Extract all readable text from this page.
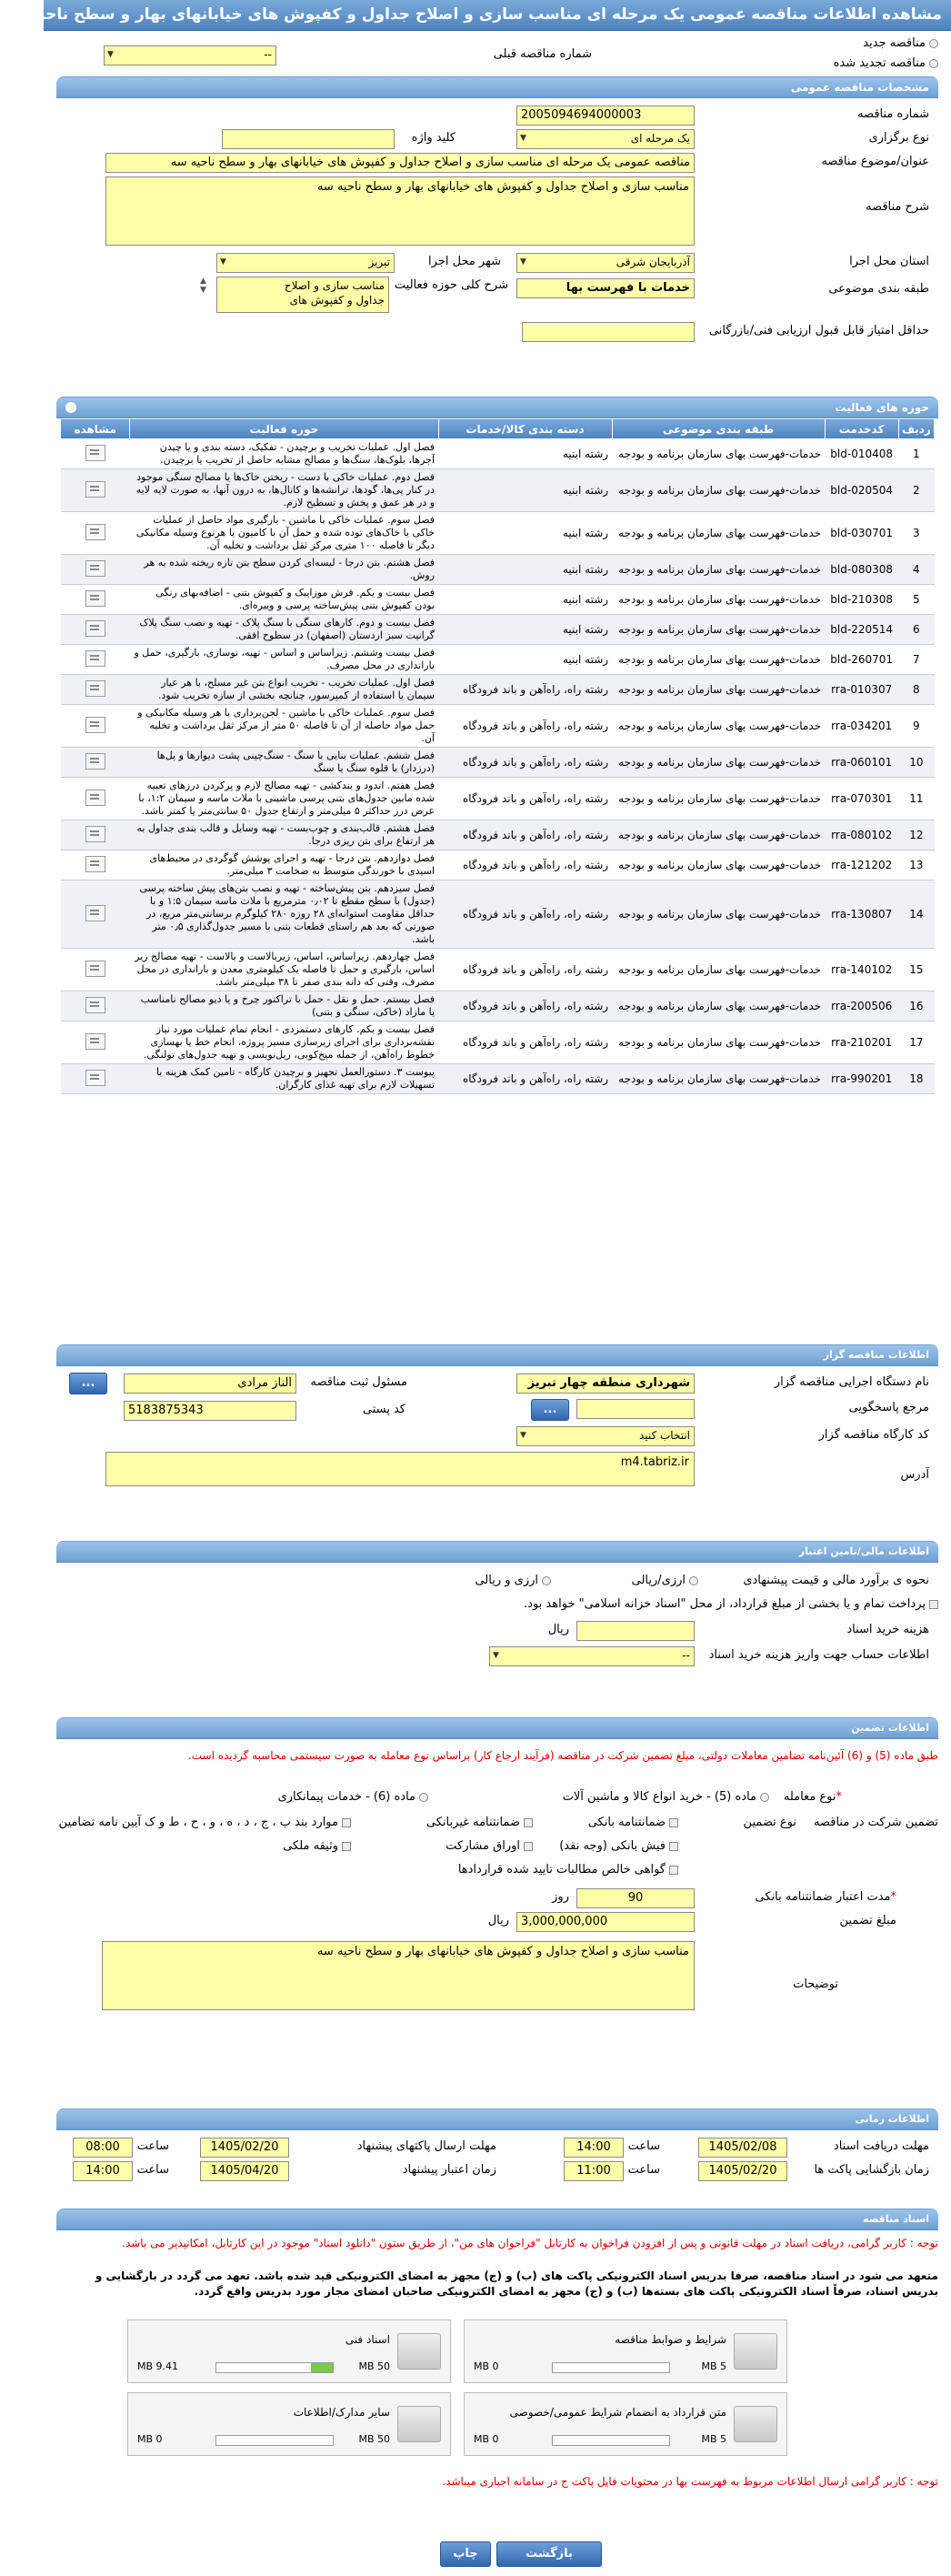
مشاهده اطلاعات مناقصه عمومی یک مرحله ای مناسب سازی و اصلاح جداول و کفپوش های خیابانهای بهار و سطح ناحیه سه
مناقصه جدید
مناقصه تجدید شده
شماره مناقصه قبلی
-- ▼
مشخصات مناقصه عمومی
شماره مناقصه
2005094694000003
نوع برگزاری
یک مرحله ای ▼
کلید واژه
عنوان/موضوع مناقصه
مناقصه عمومی یک مرحله ای مناسب سازی و اصلاح جداول و کفپوش های خیابانهای بهار و سطح ناحیه سه
شرح مناقصه
مناسب سازی و اصلاح جداول و کفپوش های خیابانهای بهار و سطح ناحیه سه
استان محل اجرا
آذربایجان شرقی ▼
شهر محل اجرا
تبریز ▼
طبقه بندی موضوعی
خدمات با فهرست بها
شرح کلی حوزه فعالیت
مناسب سازی و اصلاح
جداول و کفپوش های
▲
▼
حداقل امتیاز قابل قبول ارزیابی فنی/بازرگانی
حوزه های فعالیت
ردیف	کدخدمت	طبقه بندی موضوعی	دسته بندی کالا/خدمات	حوزه فعالیت	مشاهده
1	bld-010408	خدمات-فهرست بهای سازمان برنامه و بودجه	رشته ابنیه	فصل اول. عملیات تخریب و برچیدن - تفکیک، دسته بندی و یا چیدن آجرها، بلوک‌ها، سنگ‌ها و مصالح مشابه حاصل از تخریب یا برچیدن.	
2	bld-020504	خدمات-فهرست بهای سازمان برنامه و بودجه	رشته ابنیه	فصل دوم. عملیات خاکی با دست - ریختن خاک‌ها یا مصالح سنگی موجود در کنار پی‌ها، گودها، ترانشه‌ها و کانال‌ها، به درون آنها، به صورت لایه لایه و در هر عمق و پخش و تسطیح لازم.	
3	bld-030701	خدمات-فهرست بهای سازمان برنامه و بودجه	رشته ابنیه	فصل سوم. عملیات خاکی با ماشین - بارگیری مواد حاصل از عملیات خاکی یا خاک‌های توده شده و حمل آن با کامیون یا هرنوع وسیله مکانیکی دیگر تا فاصله ۱۰۰ متری مرکز ثقل برداشت و تخلیه آن.	
4	bld-080308	خدمات-فهرست بهای سازمان برنامه و بودجه	رشته ابنیه	فصل هشتم. بتن درجا - لیسه‌ای کردن سطح بتن تازه ریخته شده به هر روش.	
5	bld-210308	خدمات-فهرست بهای سازمان برنامه و بودجه	رشته ابنیه	فصل بیست و یکم. فرش موزاییک و کفپوش بتنی - اضافه‌بهای رنگی بودن کفپوش بتنی پیش‌ساخته پرسی و ویبره‌ای.	
6	bld-220514	خدمات-فهرست بهای سازمان برنامه و بودجه	رشته ابنیه	فصل بیست و دوم. کارهای سنگی با سنگ پلاک - تهیه و نصب سنگ پلاک گرانیت سبز اردستان (اصفهان) در سطوح افقی.	
7	bld-260701	خدمات-فهرست بهای سازمان برنامه و بودجه	رشته ابنیه	فصل بیست وششم. زیراساس و اساس - تهیه، نوسازی، بارگیری، حمل و بارانداری در محل مصرف.	
8	rra-010307	خدمات-فهرست بهای سازمان برنامه و بودجه	رشته راه، راه‌آهن و باند فرودگاه	فصل اول. عملیات تخریب - تخریب انواع بتن غیر مسلح، با هر عیار سیمان با استفاده از کمپرسور، چنانچه بخشی از سازه تخریب شود.	
9	rra-034201	خدمات-فهرست بهای سازمان برنامه و بودجه	رشته راه، راه‌آهن و باند فرودگاه	فصل سوم. عملیات خاکی با ماشین - لجن‌برداری با هر وسیله مکانیکی و حمل مواد حاصله از آن تا فاصله ۵۰ متر از مرکز ثقل برداشت و تخلیه آن.	
10	rra-060101	خدمات-فهرست بهای سازمان برنامه و بودجه	رشته راه، راه‌آهن و باند فرودگاه	فصل ششم. عملیات بنایی با سنگ - سنگ‌چینی پشت دیوارها و پل‌ها (درزدار) با قلوه سنگ یا سنگ	
11	rra-070301	خدمات-فهرست بهای سازمان برنامه و بودجه	رشته راه، راه‌آهن و باند فرودگاه	فصل هفتم. اندود و بندکشی - تهیه مصالح لازم و پرکردن درزهای تعبیه شده مابین جدول‌های بتنی پرسی ماشینی با ملات ماسه و سیمان ۱:۲، با عرض درز حداکثر ۵ میلی‌متر و ارتفاع جدول ۵۰ سانتی‌متر یا کمتر باشد.	
12	rra-080102	خدمات-فهرست بهای سازمان برنامه و بودجه	رشته راه، راه‌آهن و باند فرودگاه	فصل هشتم. قالب‌بندی و چوب‌بست - تهیه وسایل و قالب بندی جداول به هر ارتفاع برای بتن ریزی درجا.	
13	rra-121202	خدمات-فهرست بهای سازمان برنامه و بودجه	رشته راه، راه‌آهن و باند فرودگاه	فصل دوازدهم. بتن درجا - تهیه و اجرای پوشش گوگردی در محیط‌های اسیدی با خورندگی متوسط به ضخامت ۳ میلی‌متر.	
14	rra-130807	خدمات-فهرست بهای سازمان برنامه و بودجه	رشته راه، راه‌آهن و باند فرودگاه	فصل سیزدهم. بتن پیش‌ساخته - تهیه و نصب بتن‌های پیش ساخته پرسی (جدول) با سطح مقطع تا ۰٫۰۲ مترمربع با ملات ماسه سیمان ۱:۵ و با حداقل مقاومت استوانه‌ای ۲۸ روزه ۲۸۰ کیلوگرم برسانتی‌متر مربع، در صورتی که بعد هم راستای قطعات بتنی با مسیر جدول‌گذاری ۰٫۵ متر باشد.	
15	rra-140102	خدمات-فهرست بهای سازمان برنامه و بودجه	رشته راه، راه‌آهن و باند فرودگاه	فصل چهاردهم. زیراساس، اساس، زیربالاست و بالاست - تهیه مصالح زیر اساس، بارگیری و حمل تا فاصله یک کیلومتری معدن و بارانداری در محل مصرف، وقتی که دانه بندی صفر تا ۳۸ میلی‌متر باشد.	
16	rra-200506	خدمات-فهرست بهای سازمان برنامه و بودجه	رشته راه، راه‌آهن و باند فرودگاه	فصل بیستم. حمل و نقل - حمل با تراکتور چرخ و یا دیو مصالح نامناسب یا مازاد (خاکی، سنگی و بتنی)	
17	rra-210201	خدمات-فهرست بهای سازمان برنامه و بودجه	رشته راه، راه‌آهن و باند فرودگاه	فصل بیست و یکم. کارهای دستمزدی - انجام تمام عملیات مورد نیاز نقشه‌برداری برای اجرای زیرسازی مسیر پروژه، انجام خط یا بهسازی خطوط راه‌آهن، از جمله میخ‌کوبی، ریل‌نویسی و تهیه جدول‌های تولنگی.	
18	rra-990201	خدمات-فهرست بهای سازمان برنامه و بودجه	رشته راه، راه‌آهن و باند فرودگاه	پیوست ۳. دستورالعمل تجهیز و برچیدن کارگاه - تامین کمک هزینه با تسهیلات لازم برای تهیه غذای کارگران.	
اطلاعات مناقصه گزار
نام دستگاه اجرایی مناقصه گزار
شهرداری منطقه چهار تبریز
مسئول ثبت مناقصه
الناز مرادی
...
مرجع پاسخگویی
...
کد پستی
5183875343
کد کارگاه مناقصه گزار
انتخاب کنید ▼
آدرس
m4.tabriz.ir
اطلاعات مالی/تامین اعتبار
نحوه ی برآورد مالی و قیمت پیشنهادی
ارزی/ریالی
ارزی و ریالی
پرداخت تمام و یا بخشی از مبلغ قرارداد، از محل "اسناد خزانه اسلامی" خواهد بود.
هزینه خرید اسناد
ریال
اطلاعات حساب جهت واریز هزینه خرید اسناد
-- ▼
اطلاعات تضمین
طبق ماده (5) و (6) آئین‌نامه تضامین معاملات دولتی، مبلغ تضمین شرکت در مناقصه (فرآیند ارجاع کار) براساس نوع معامله به صورت سیستمی محاسبه گردیده است.
*نوع معامله
ماده (5) - خرید انواع کالا و ماشین آلات
ماده (6) - خدمات پیمانکاری
تضمین شرکت در مناقصه
نوع تضمین
ضمانتنامه بانکی
ضمانتنامه غیربانکی
موارد بند ب ، ج ، د ، ه ، و ، ح ، ط و ک آیین نامه تضامین
فیش بانکی (وجه نقد)
اوراق مشارکت
وثیقه ملکی
گواهی خالص مطالبات تایید شده قراردادها
*مدت اعتبار ضمانتنامه بانکی
90
روز
مبلغ تضمین
3,000,000,000
ریال
توضیحات
مناسب سازی و اصلاح جداول و کفپوش های خیابانهای بهار و سطح ناحیه سه
اطلاعات زمانی
مهلت دریافت اسناد
1405/02/08
ساعت
14:00
مهلت ارسال پاکتهای پیشنهاد
1405/02/20
ساعت
08:00
زمان بازگشایی پاکت ها
1405/02/20
ساعت
11:00
زمان اعتبار پیشنهاد
1405/04/20
ساعت
14:00
اسناد مناقصه
توجه : کاربر گرامی، دریافت اسناد در مهلت قانونی و پس از افزودن فراخوان به کارتابل "فراخوان های من"، از طریق ستون "دانلود اسناد" موجود در این کارتابل، امکانپذیر می باشد.
متعهد می شود در اسناد مناقصه، صرفا بدریس اسناد الکترونیکی پاکت های (ب) و (ج) مجهز به امضای الکترونیکی قید شده باشد. تعهد می گردد در بارگشایی و بدریس اسناد، صرفاً اسناد الکترونیکی پاکت های بسته‌ها (ب) و (ج) مجهز به امضای الکترونیکی صاحبان امضای مجاز مورد بدریس واقع گردد.
شرایط و ضوابط مناقصه
5 MB
0 MB
اسناد فنی
50 MB
9.41 MB
متن قرارداد به انضمام شرایط عمومی/خصوصی
5 MB
0 MB
سایر مدارک/اطلاعات
50 MB
0 MB
توجه : کاربر گرامی ارسال اطلاعات مربوط به فهرست بها در محتویات فایل پاکت ج در سامانه اجباری میباشد.
بازگشت
چاپ
